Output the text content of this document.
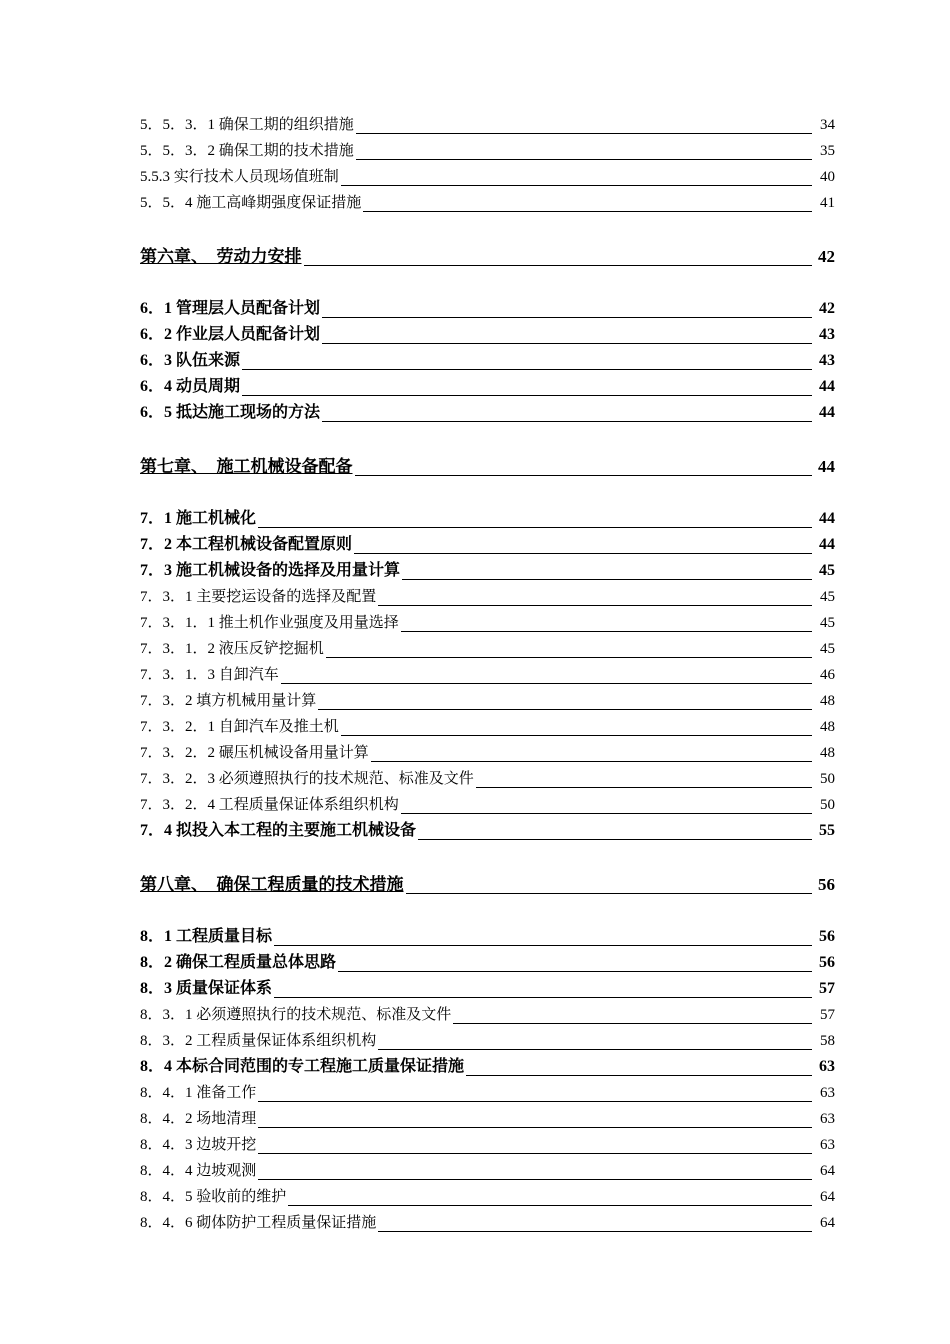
5．5．3．1 确保工期的组织措施	34
5．5．3．2 确保工期的技术措施	35
5.5.3 实行技术人员现场值班制	40
5．5．4 施工高峰期强度保证措施	41
第六章、　劳动力安排	42
6．1 管理层人员配备计划	42
6．2 作业层人员配备计划	43
6．3 队伍来源	43
6．4 动员周期	44
6．5 抵达施工现场的方法	44
第七章、　施工机械设备配备	44
7．1 施工机械化	44
7．2 本工程机械设备配置原则	44
7．3 施工机械设备的选择及用量计算	45
7．3．1 主要挖运设备的选择及配置	45
7．3．1．1 推土机作业强度及用量选择	45
7．3．1．2 液压反铲挖掘机	45
7．3．1．3 自卸汽车	46
7．3．2 填方机械用量计算	48
7．3．2．1 自卸汽车及推土机	48
7．3．2．2 碾压机械设备用量计算	48
7．3．2．3 必须遵照执行的技术规范、标准及文件	50
7．3．2．4 工程质量保证体系组织机构	50
7．4 拟投入本工程的主要施工机械设备	55
第八章、　确保工程质量的技术措施	56
8．1 工程质量目标	56
8．2 确保工程质量总体思路	56
8．3 质量保证体系	57
8．3．1 必须遵照执行的技术规范、标准及文件	57
8．3．2 工程质量保证体系组织机构	58
8．4 本标合同范围的专工程施工质量保证措施	63
8．4．1 准备工作	63
8．4．2 场地清理	63
8．4．3 边坡开挖	63
8．4．4 边坡观测	64
8．4．5 验收前的维护	64
8．4．6 砌体防护工程质量保证措施	64
